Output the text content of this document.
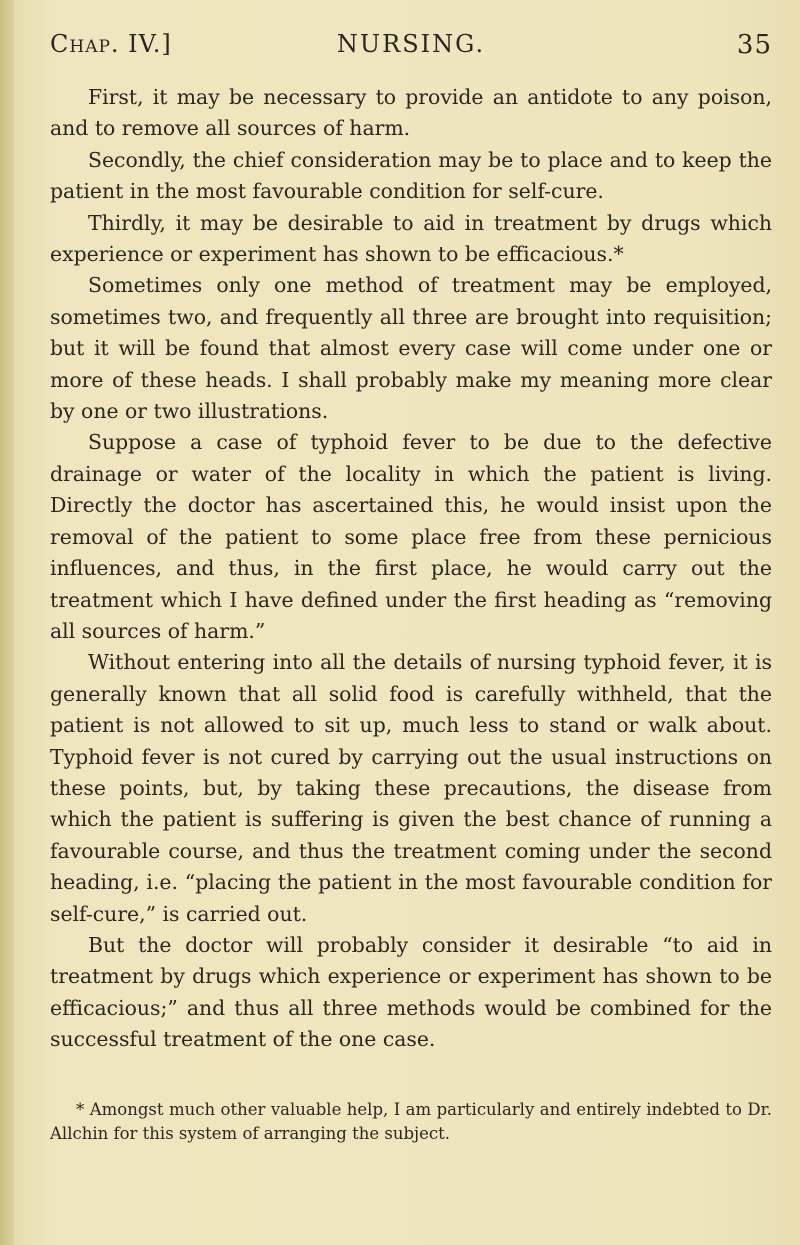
Chap. IV.]	NURSING.	35

First, it may be necessary to provide an antidote to any poison, and to remove all sources of harm.

Secondly, the chief consideration may be to place and to keep the patient in the most favourable condition for self-cure.

Thirdly, it may be desirable to aid in treatment by drugs which experience or experiment has shown to be efficacious.*

Sometimes only one method of treatment may be employed, sometimes two, and frequently all three are brought into requisition; but it will be found that almost every case will come under one or more of these heads. I shall probably make my meaning more clear by one or two illustrations.

Suppose a case of typhoid fever to be due to the defective drainage or water of the locality in which the patient is living. Directly the doctor has ascertained this, he would insist upon the removal of the patient to some place free from these pernicious influences, and thus, in the first place, he would carry out the treatment which I have defined under the first heading as “removing all sources of harm.”

Without entering into all the details of nursing typhoid fever, it is generally known that all solid food is carefully withheld, that the patient is not allowed to sit up, much less to stand or walk about. Typhoid fever is not cured by carrying out the usual instructions on these points, but, by taking these precautions, the disease from which the patient is suffering is given the best chance of running a favourable course, and thus the treatment coming under the second heading, i.e. “placing the patient in the most favourable condition for self-cure,” is carried out.

But the doctor will probably consider it desirable “to aid in treatment by drugs which experience or experiment has shown to be efficacious;” and thus all three methods would be combined for the successful treatment of the one case.

* Amongst much other valuable help, I am particularly and entirely indebted to Dr. Allchin for this system of arranging the subject.
